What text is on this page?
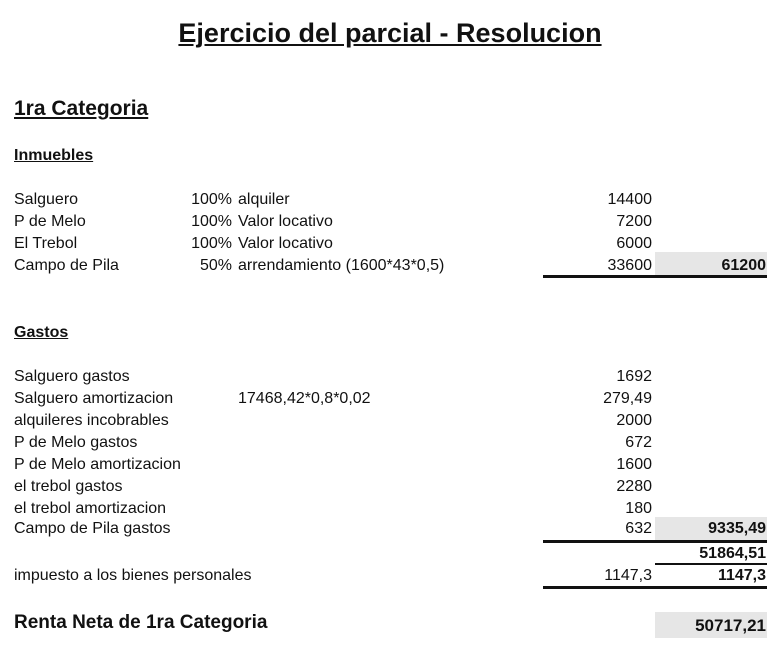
Ejercicio del parcial - Resolucion
1ra Categoria
Inmuebles
Salguero	100% alquiler	14400
P de Melo	100% Valor locativo	7200
El Trebol	100% Valor locativo	6000
Campo de Pila	50% arrendamiento (1600*43*0,5)	33600	61200
Gastos
Salguero gastos	1692
Salguero amortizacion	17468,42*0,8*0,02	279,49
alquileres incobrables	2000
P de Melo gastos	672
P de Melo amortizacion	1600
el trebol gastos	2280
el trebol amortizacion	180
Campo de Pila gastos	632	9335,49
51864,51
impuesto a los bienes personales	1147,3	1147,3
Renta Neta de 1ra Categoria	50717,21
